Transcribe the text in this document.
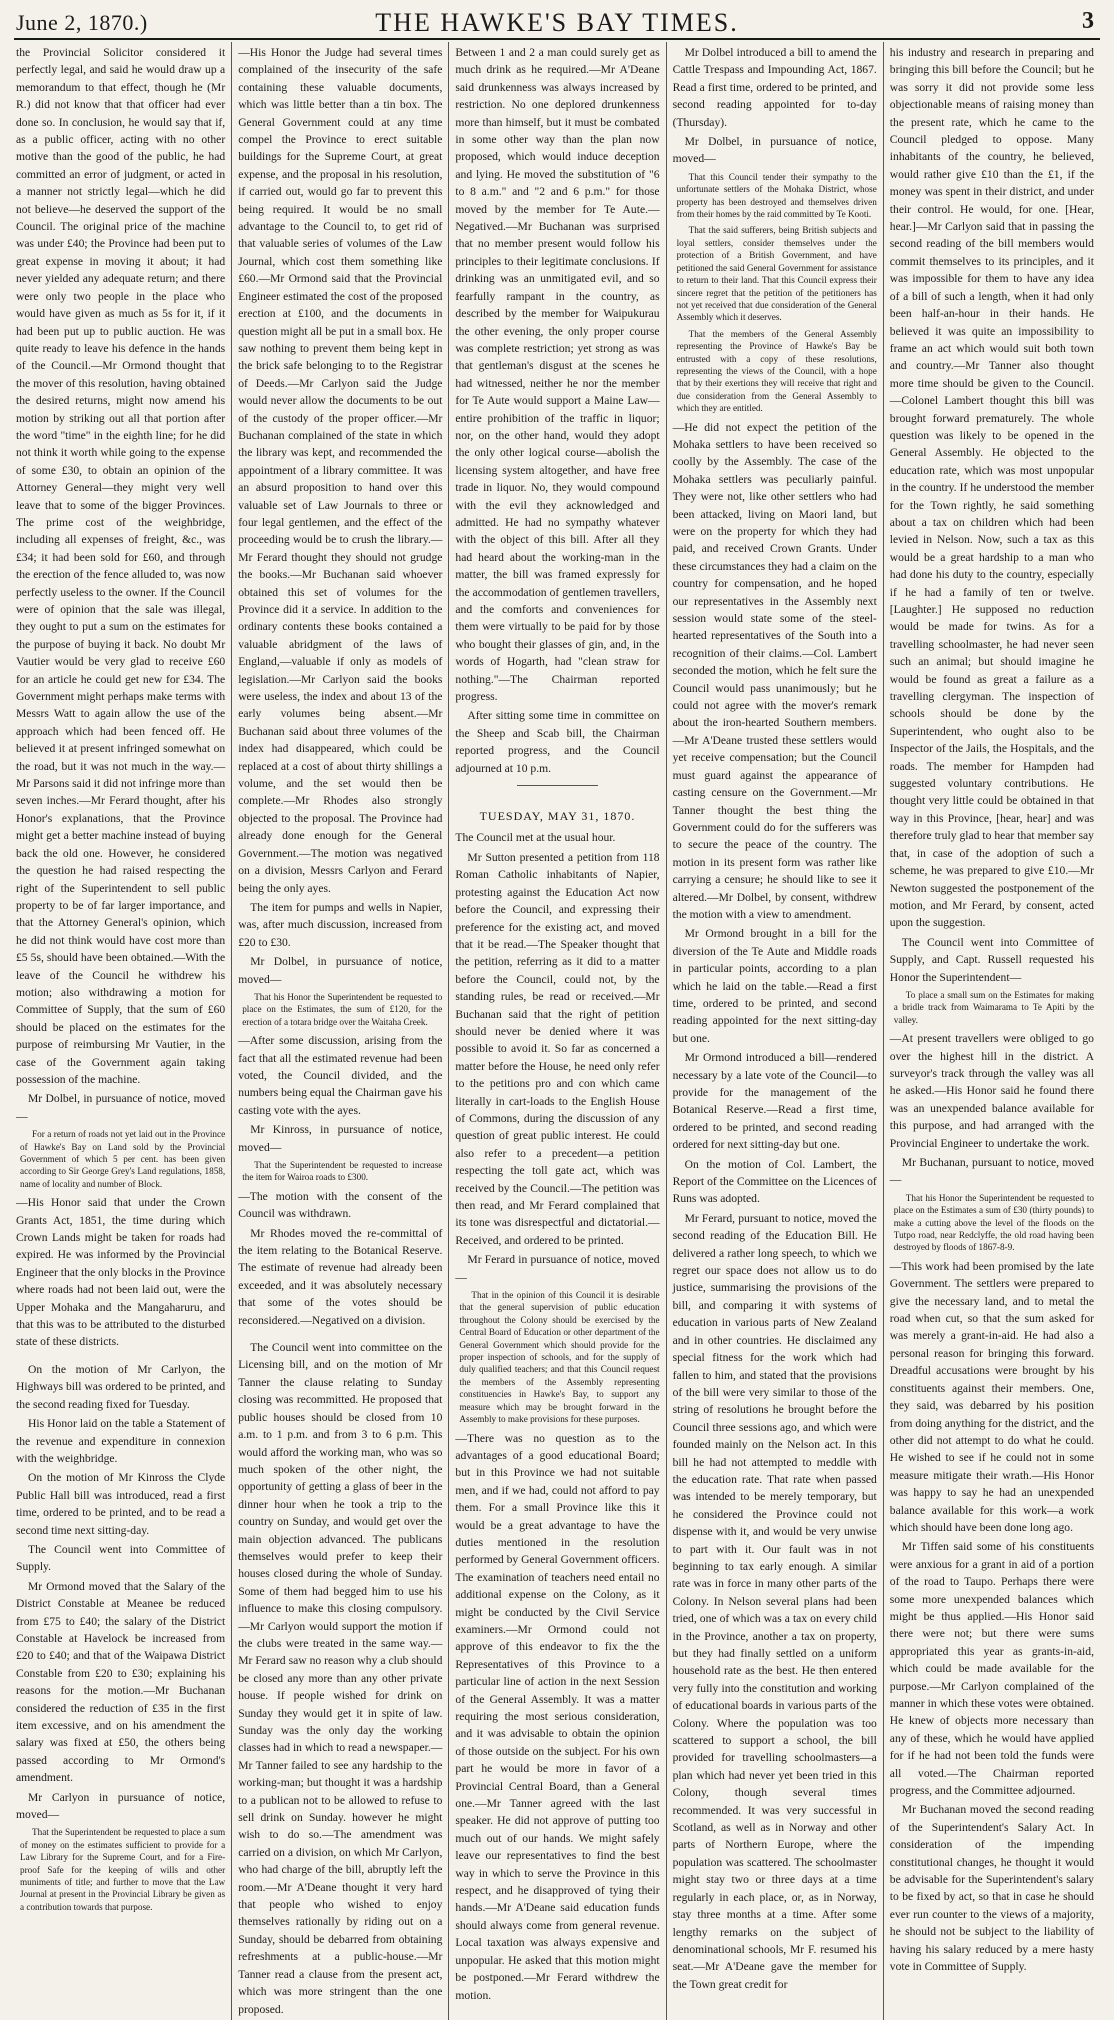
June 2, 1870.)	THE HAWKE'S BAY TIMES.	3

the Provincial Solicitor considered it perfectly legal, and said he would draw up a memorandum to that effect, though he (Mr R.) did not know that that officer had ever done so. In conclusion, he would say that if, as a public officer, acting with no other motive than the good of the public, he had committed an error of judgment, or acted in a manner not strictly legal—which he did not believe—he deserved the support of the Council. The original price of the machine was under £40; the Province had been put to great expense in moving it about; it had never yielded any adequate return; and there were only two people in the place who would have given as much as 5s for it, if it had been put up to public auction. He was quite ready to leave his defence in the hands of the Council.—Mr Ormond thought that the mover of this resolution, having obtained the desired returns, might now amend his motion by striking out all that portion after the word "time" in the eighth line; for he did not think it worth while going to the expense of some £30, to obtain an opinion of the Attorney General—they might very well leave that to some of the bigger Provinces. The prime cost of the weighbridge, including all expenses of freight, &c., was £34; it had been sold for £60, and through the erection of the fence alluded to, was now perfectly useless to the owner. If the Council were of opinion that the sale was illegal, they ought to put a sum on the estimates for the purpose of buying it back. No doubt Mr Vautier would be very glad to receive £60 for an article he could get new for £34. The Government might perhaps make terms with Messrs Watt to again allow the use of the approach which had been fenced off. He believed it at present infringed somewhat on the road, but it was not much in the way.—Mr Parsons said it did not infringe more than seven inches.—Mr Ferard thought, after his Honor's explanations, that the Province might get a better machine instead of buying back the old one. However, he considered the question he had raised respecting the right of the Superintendent to sell public property to be of far larger importance, and that the Attorney General's opinion, which he did not think would have cost more than £5 5s, should have been obtained.—With the leave of the Council he withdrew his motion; also withdrawing a motion for Committee of Supply, that the sum of £60 should be placed on the estimates for the purpose of reimbursing Mr Vautier, in the case of the Government again taking possession of the machine.

Mr Dolbel, in pursuance of notice, moved—

For a return of roads not yet laid out in the Province of Hawke's Bay on Land sold by the Provincial Government of which 5 per cent. has been given according to Sir George Grey's Land regulations, 1858, name of locality and number of Block.

—His Honor said that under the Crown Grants Act, 1851, the time during which Crown Lands might be taken for roads had expired. He was informed by the Provincial Engineer that the only blocks in the Province where roads had not been laid out, were the Upper Mohaka and the Mangaharuru, and that this was to be attributed to the disturbed state of these districts.

On the motion of Mr Carlyon, the Highways bill was ordered to be printed, and the second reading fixed for Tuesday.

His Honor laid on the table a Statement of the revenue and expenditure in connexion with the weighbridge.

On the motion of Mr Kinross the Clyde Public Hall bill was introduced, read a first time, ordered to be printed, and to be read a second time next sitting-day.

The Council went into Committee of Supply.

Mr Ormond moved that the Salary of the District Constable at Meanee be reduced from £75 to £40; the salary of the District Constable at Havelock be increased from £20 to £40; and that of the Waipawa District Constable from £20 to £30; explaining his reasons for the motion.—Mr Buchanan considered the reduction of £35 in the first item excessive, and on his amendment the salary was fixed at £50, the others being passed according to Mr Ormond's amendment.

Mr Carlyon in pursuance of notice, moved—

That the Superintendent be requested to place a sum of money on the estimates sufficient to provide for a Law Library for the Supreme Court, and for a Fire-proof Safe for the keeping of wills and other muniments of title; and further to move that the Law Journal at present in the Provincial Library be given as a contribution towards that purpose.

—His Honor the Judge had several times complained of the insecurity of the safe containing these valuable documents, which was little better than a tin box. The General Government could at any time compel the Province to erect suitable buildings for the Supreme Court, at great expense, and the proposal in his resolution, if carried out, would go far to prevent this being required. It would be no small advantage to the Council to, to get rid of that valuable series of volumes of the Law Journal, which cost them something like £60.—Mr Ormond said that the Provincial Engineer estimated the cost of the proposed erection at £100, and the documents in question might all be put in a small box. He saw nothing to prevent them being kept in the brick safe belonging to to the Registrar of Deeds.—Mr Carlyon said the Judge would never allow the documents to be out of the custody of the proper officer.—Mr Buchanan complained of the state in which the library was kept, and recommended the appointment of a library committee. It was an absurd proposition to hand over this valuable set of Law Journals to three or four legal gentlemen, and the effect of the proceeding would be to crush the library.—Mr Ferard thought they should not grudge the books.—Mr Buchanan said whoever obtained this set of volumes for the Province did it a service. In addition to the ordinary contents these books contained a valuable abridgment of the laws of England,—valuable if only as models of legislation.—Mr Carlyon said the books were useless, the index and about 13 of the early volumes being absent.—Mr Buchanan said about three volumes of the index had disappeared, which could be replaced at a cost of about thirty shillings a volume, and the set would then be complete.—Mr Rhodes also strongly objected to the proposal. The Province had already done enough for the General Government.—The motion was negatived on a division, Messrs Carlyon and Ferard being the only ayes.

The item for pumps and wells in Napier, was, after much discussion, increased from £20 to £30.

Mr Dolbel, in pursuance of notice, moved—

That his Honor the Superintendent be requested to place on the Estimates, the sum of £120, for the erection of a totara bridge over the Waitaha Creek.

—After some discussion, arising from the fact that all the estimated revenue had been voted, the Council divided, and the numbers being equal the Chairman gave his casting vote with the ayes.

Mr Kinross, in pursuance of notice, moved—

That the Superintendent be requested to increase the item for Wairoa roads to £300.

—The motion with the consent of the Council was withdrawn.

Mr Rhodes moved the re-committal of the item relating to the Botanical Reserve. The estimate of revenue had already been exceeded, and it was absolutely necessary that some of the votes should be reconsidered.—Negatived on a division.

The Council went into committee on the Licensing bill, and on the motion of Mr Tanner the clause relating to Sunday closing was recommitted. He proposed that public houses should be closed from 10 a.m. to 1 p.m. and from 3 to 6 p.m. This would afford the working man, who was so much spoken of the other night, the opportunity of getting a glass of beer in the dinner hour when he took a trip to the country on Sunday, and would get over the main objection advanced. The publicans themselves would prefer to keep their houses closed during the whole of Sunday. Some of them had begged him to use his influence to make this closing compulsory.—Mr Carlyon would support the motion if the clubs were treated in the same way.—Mr Ferard saw no reason why a club should be closed any more than any other private house. If people wished for drink on Sunday they would get it in spite of law. Sunday was the only day the working classes had in which to read a newspaper.—Mr Tanner failed to see any hardship to the working-man; but thought it was a hardship to a publican not to be allowed to refuse to sell drink on Sunday. however he might wish to do so.—The amendment was carried on a division, on which Mr Carlyon, who had charge of the bill, abruptly left the room.—Mr A'Deane thought it very hard that people who wished to enjoy themselves rationally by riding out on a Sunday, should be debarred from obtaining refreshments at a public-house.—Mr Tanner read a clause from the present act, which was more stringent than the one proposed.

Between 1 and 2 a man could surely get as much drink as he required.—Mr A'Deane said drunkenness was always increased by restriction. No one deplored drunkenness more than himself, but it must be combated in some other way than the plan now proposed, which would induce deception and lying. He moved the substitution of "6 to 8 a.m." and "2 and 6 p.m." for those moved by the member for Te Aute.—Negatived.—Mr Buchanan was surprised that no member present would follow his principles to their legitimate conclusions. If drinking was an unmitigated evil, and so fearfully rampant in the country, as described by the member for Waipukurau the other evening, the only proper course was complete restriction; yet strong as was that gentleman's disgust at the scenes he had witnessed, neither he nor the member for Te Aute would support a Maine Law—entire prohibition of the traffic in liquor; nor, on the other hand, would they adopt the only other logical course—abolish the licensing system altogether, and have free trade in liquor. No, they would compound with the evil they acknowledged and admitted. He had no sympathy whatever with the object of this bill. After all they had heard about the working-man in the matter, the bill was framed expressly for the accommodation of gentlemen travellers, and the comforts and conveniences for them were virtually to be paid for by those who bought their glasses of gin, and, in the words of Hogarth, had "clean straw for nothing."—The Chairman reported progress.

After sitting some time in committee on the Sheep and Scab bill, the Chairman reported progress, and the Council adjourned at 10 p.m.

TUESDAY, MAY 31, 1870.

The Council met at the usual hour.

Mr Sutton presented a petition from 118 Roman Catholic inhabitants of Napier, protesting against the Education Act now before the Council, and expressing their preference for the existing act, and moved that it be read.—The Speaker thought that the petition, referring as it did to a matter before the Council, could not, by the standing rules, be read or received.—Mr Buchanan said that the right of petition should never be denied where it was possible to avoid it. So far as concerned a matter before the House, he need only refer to the petitions pro and con which came literally in cart-loads to the English House of Commons, during the discussion of any question of great public interest. He could also refer to a precedent—a petition respecting the toll gate act, which was received by the Council.—The petition was then read, and Mr Ferard complained that its tone was disrespectful and dictatorial.—Received, and ordered to be printed.

Mr Ferard in pursuance of notice, moved—

That in the opinion of this Council it is desirable that the general supervision of public education throughout the Colony should be exercised by the Central Board of Education or other department of the General Government which should provide for the proper inspection of schools, and for the supply of duly qualified teachers; and that this Council request the members of the Assembly representing constituencies in Hawke's Bay, to support any measure which may be brought forward in the Assembly to make provisions for these purposes.

—There was no question as to the advantages of a good educational Board; but in this Province we had not suitable men, and if we had, could not afford to pay them. For a small Province like this it would be a great advantage to have the duties mentioned in the resolution performed by General Government officers. The examination of teachers need entail no additional expense on the Colony, as it might be conducted by the Civil Service examiners.—Mr Ormond could not approve of this endeavor to fix the the Representatives of this Province to a particular line of action in the next Session of the General Assembly. It was a matter requiring the most serious consideration, and it was advisable to obtain the opinion of those outside on the subject. For his own part he would be more in favor of a Provincial Central Board, than a General one.—Mr Tanner agreed with the last speaker. He did not approve of putting too much out of our hands. We might safely leave our representatives to find the best way in which to serve the Province in this respect, and he disapproved of tying their hands.—Mr A'Deane said education funds should always come from general revenue. Local taxation was always expensive and unpopular. He asked that this motion might be postponed.—Mr Ferard withdrew the motion.

Mr Dolbel introduced a bill to amend the Cattle Trespass and Impounding Act, 1867. Read a first time, ordered to be printed, and second reading appointed for to-day (Thursday).

Mr Dolbel, in pursuance of notice, moved—

That this Council tender their sympathy to the unfortunate settlers of the Mohaka District, whose property has been destroyed and themselves driven from their homes by the raid committed by Te Kooti.

That the said sufferers, being British subjects and loyal settlers, consider themselves under the protection of a British Government, and have petitioned the said General Government for assistance to return to their land. That this Council express their sincere regret that the petition of the petitioners has not yet received that due consideration of the General Assembly which it deserves.

That the members of the General Assembly representing the Province of Hawke's Bay be entrusted with a copy of these resolutions, representing the views of the Council, with a hope that by their exertions they will receive that right and due consideration from the General Assembly to which they are entitled.

—He did not expect the petition of the Mohaka settlers to have been received so coolly by the Assembly. The case of the Mohaka settlers was peculiarly painful. They were not, like other settlers who had been attacked, living on Maori land, but were on the property for which they had paid, and received Crown Grants. Under these circumstances they had a claim on the country for compensation, and he hoped our representatives in the Assembly next session would state some of the steel-hearted representatives of the South into a recognition of their claims.—Col. Lambert seconded the motion, which he felt sure the Council would pass unanimously; but he could not agree with the mover's remark about the iron-hearted Southern members.—Mr A'Deane trusted these settlers would yet receive compensation; but the Council must guard against the appearance of casting censure on the Government.—Mr Tanner thought the best thing the Government could do for the sufferers was to secure the peace of the country. The motion in its present form was rather like carrying a censure; he should like to see it altered.—Mr Dolbel, by consent, withdrew the motion with a view to amendment.

Mr Ormond brought in a bill for the diversion of the Te Aute and Middle roads in particular points, according to a plan which he laid on the table.—Read a first time, ordered to be printed, and second reading appointed for the next sitting-day but one.

Mr Ormond introduced a bill—rendered necessary by a late vote of the Council—to provide for the management of the Botanical Reserve.—Read a first time, ordered to be printed, and second reading ordered for next sitting-day but one.

On the motion of Col. Lambert, the Report of the Committee on the Licences of Runs was adopted.

Mr Ferard, pursuant to notice, moved the second reading of the Education Bill. He delivered a rather long speech, to which we regret our space does not allow us to do justice, summarising the provisions of the bill, and comparing it with systems of education in various parts of New Zealand and in other countries. He disclaimed any special fitness for the work which had fallen to him, and stated that the provisions of the bill were very similar to those of the string of resolutions he brought before the Council three sessions ago, and which were founded mainly on the Nelson act. In this bill he had not attempted to meddle with the education rate. That rate when passed was intended to be merely temporary, but he considered the Province could not dispense with it, and would be very unwise to part with it. Our fault was in not beginning to tax early enough. A similar rate was in force in many other parts of the Colony. In Nelson several plans had been tried, one of which was a tax on every child in the Province, another a tax on property, but they had finally settled on a uniform household rate as the best. He then entered very fully into the constitution and working of educational boards in various parts of the Colony. Where the population was too scattered to support a school, the bill provided for travelling schoolmasters—a plan which had never yet been tried in this Colony, though several times recommended. It was very successful in Scotland, as well as in Norway and other parts of Northern Europe, where the population was scattered. The schoolmaster might stay two or three days at a time regularly in each place, or, as in Norway, stay three months at a time. After some lengthy remarks on the subject of denominational schools, Mr F. resumed his seat.—Mr A'Deane gave the member for the Town great credit for

his industry and research in preparing and bringing this bill before the Council; but he was sorry it did not provide some less objectionable means of raising money than the present rate, which he came to the Council pledged to oppose. Many inhabitants of the country, he believed, would rather give £10 than the £1, if the money was spent in their district, and under their control. He would, for one. [Hear, hear.]—Mr Carlyon said that in passing the second reading of the bill members would commit themselves to its principles, and it was impossible for them to have any idea of a bill of such a length, when it had only been half-an-hour in their hands. He believed it was quite an impossibility to frame an act which would suit both town and country.—Mr Tanner also thought more time should be given to the Council.—Colonel Lambert thought this bill was brought forward prematurely. The whole question was likely to be opened in the General Assembly. He objected to the education rate, which was most unpopular in the country. If he understood the member for the Town rightly, he said something about a tax on children which had been levied in Nelson. Now, such a tax as this would be a great hardship to a man who had done his duty to the country, especially if he had a family of ten or twelve. [Laughter.] He supposed no reduction would be made for twins. As for a travelling schoolmaster, he had never seen such an animal; but should imagine he would be found as great a failure as a travelling clergyman. The inspection of schools should be done by the Superintendent, who ought also to be Inspector of the Jails, the Hospitals, and the roads. The member for Hampden had suggested voluntary contributions. He thought very little could be obtained in that way in this Province, [hear, hear] and was therefore truly glad to hear that member say that, in case of the adoption of such a scheme, he was prepared to give £10.—Mr Newton suggested the postponement of the motion, and Mr Ferard, by consent, acted upon the suggestion.

The Council went into Committee of Supply, and Capt. Russell requested his Honor the Superintendent—

To place a small sum on the Estimates for making a bridle track from Waimarama to Te Apiti by the valley.

—At present travellers were obliged to go over the highest hill in the district. A surveyor's track through the valley was all he asked.—His Honor said he found there was an unexpended balance available for this purpose, and had arranged with the Provincial Engineer to undertake the work.

Mr Buchanan, pursuant to notice, moved—

That his Honor the Superintendent be requested to place on the Estimates a sum of £30 (thirty pounds) to make a cutting above the level of the floods on the Tutpo road, near Redclyffe, the old road having been destroyed by floods of 1867-8-9.

—This work had been promised by the late Government. The settlers were prepared to give the necessary land, and to metal the road when cut, so that the sum asked for was merely a grant-in-aid. He had also a personal reason for bringing this forward. Dreadful accusations were brought by his constituents against their members. One, they said, was debarred by his position from doing anything for the district, and the other did not attempt to do what he could. He wished to see if he could not in some measure mitigate their wrath.—His Honor was happy to say he had an unexpended balance available for this work—a work which should have been done long ago.

Mr Tiffen said some of his constituents were anxious for a grant in aid of a portion of the road to Taupo. Perhaps there were some more unexpended balances which might be thus applied.—His Honor said there were not; but there were sums appropriated this year as grants-in-aid, which could be made available for the purpose.—Mr Carlyon complained of the manner in which these votes were obtained. He knew of objects more necessary than any of these, which he would have applied for if he had not been told the funds were all voted.—The Chairman reported progress, and the Committee adjourned.

Mr Buchanan moved the second reading of the Superintendent's Salary Act. In consideration of the impending constitutional changes, he thought it would be advisable for the Superintendent's salary to be fixed by act, so that in case he should ever run counter to the views of a majority, he should not be subject to the liability of having his salary reduced by a mere hasty vote in Committee of Supply.
